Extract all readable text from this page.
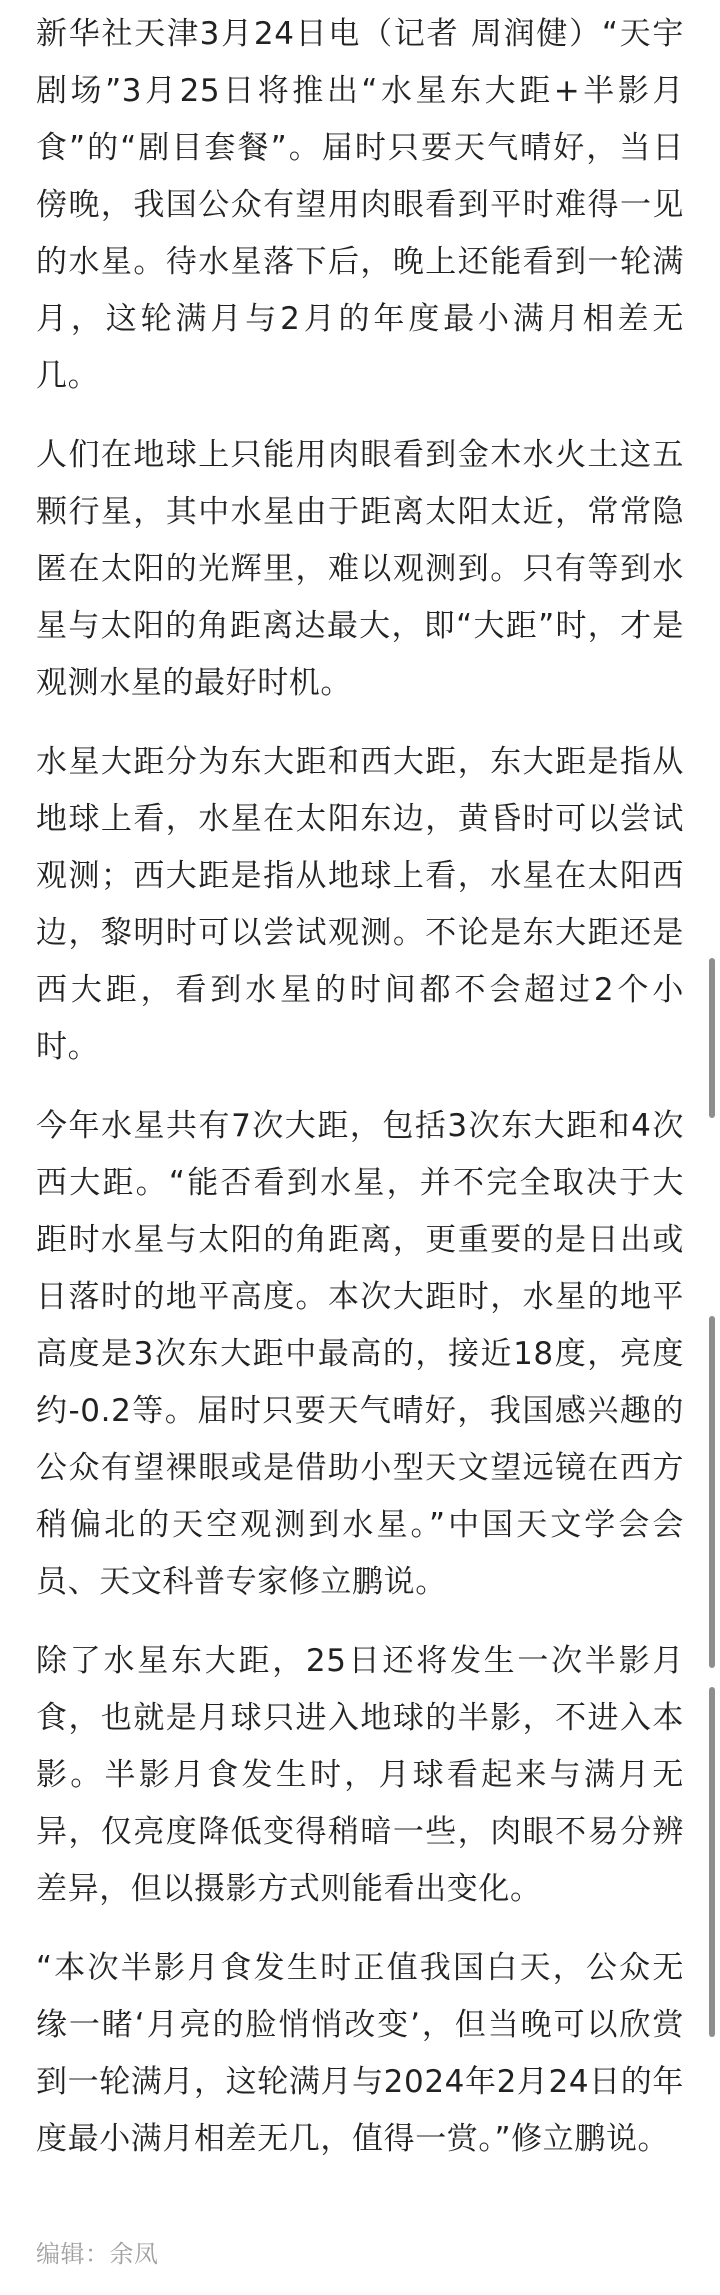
新华社天津3月24日电（记者 周润健）“天宇剧场”3月25日将推出“水星东大距+半影月食”的“剧目套餐”。届时只要天气晴好，当日傍晚，我国公众有望用肉眼看到平时难得一见的水星。待水星落下后，晚上还能看到一轮满月，这轮满月与2月的年度最小满月相差无几。

人们在地球上只能用肉眼看到金木水火土这五颗行星，其中水星由于距离太阳太近，常常隐匿在太阳的光辉里，难以观测到。只有等到水星与太阳的角距离达最大，即“大距”时，才是观测水星的最好时机。

水星大距分为东大距和西大距，东大距是指从地球上看，水星在太阳东边，黄昏时可以尝试观测；西大距是指从地球上看，水星在太阳西边，黎明时可以尝试观测。不论是东大距还是西大距，看到水星的时间都不会超过2个小时。

今年水星共有7次大距，包括3次东大距和4次西大距。“能否看到水星，并不完全取决于大距时水星与太阳的角距离，更重要的是日出或日落时的地平高度。本次大距时，水星的地平高度是3次东大距中最高的，接近18度，亮度约-0.2等。届时只要天气晴好，我国感兴趣的公众有望裸眼或是借助小型天文望远镜在西方稍偏北的天空观测到水星。”中国天文学会会员、天文科普专家修立鹏说。

除了水星东大距，25日还将发生一次半影月食，也就是月球只进入地球的半影，不进入本影。半影月食发生时，月球看起来与满月无异，仅亮度降低变得稍暗一些，肉眼不易分辨差异，但以摄影方式则能看出变化。

“本次半影月食发生时正值我国白天，公众无缘一睹‘月亮的脸悄悄改变’，但当晚可以欣赏到一轮满月，这轮满月与2024年2月24日的年度最小满月相差无几，值得一赏。”修立鹏说。

编辑：余凤
